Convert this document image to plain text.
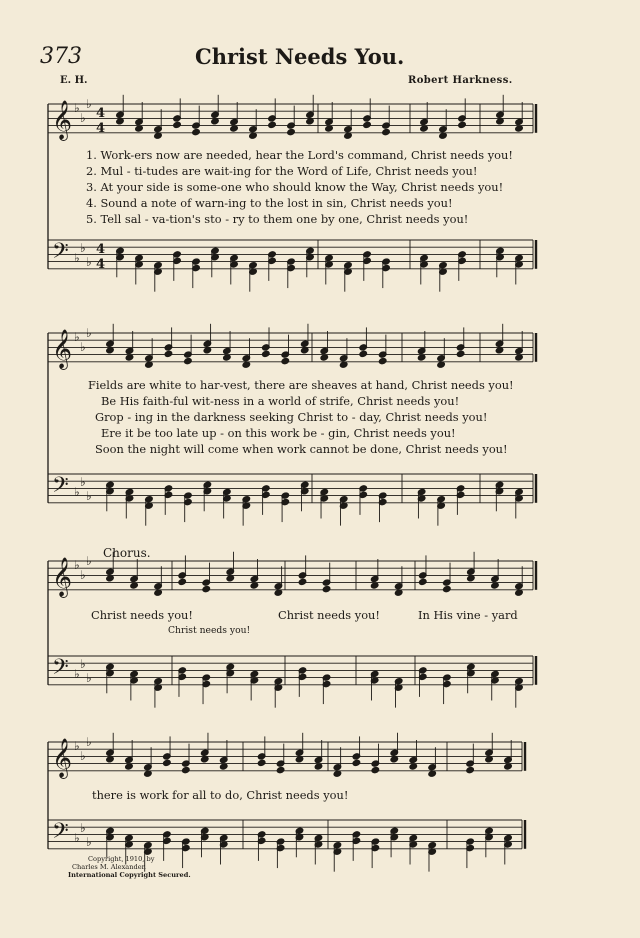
373	Christ Needs You.
E. H.	Robert Harkness.
𝄞 ♭
♭
♭
4
4
𝄢 ♭
♭
♭
4
4
𝄞 ♭
♭
♭
𝄢 ♭
♭
♭
𝄞 ♭
♭
♭
𝄢 ♭
♭
♭
𝄞 ♭
♭
♭
𝄢 ♭
♭
♭
1. Work-ers now are needed, hear the Lord's command, Christ needs you!
2. Mul - ti-tudes are wait-ing for the Word of Life, Christ needs you!
3. At your side is some-one who should know the Way, Christ needs you!
4. Sound a note of warn-ing to the lost in sin, Christ needs you!
5. Tell sal - va-tion's sto - ry to them one by one, Christ needs you!
Fields are white to har-vest, there are sheaves at hand, Christ needs you!
Be His faith-ful wit-ness in a world of strife, Christ needs you!
Grop - ing in the darkness seeking Christ to - day, Christ needs you!
Ere it be too late up - on this work be - gin, Christ needs you!
Soon the night will come when work cannot be done, Christ needs you!
Chorus.
Christ needs you!	Christ needs you!	In His vine - yard
Christ needs you!
there is work for all to do, Christ needs you!
Copyright, 1910, by
Charles M. Alexander.
International Copyright Secured.
